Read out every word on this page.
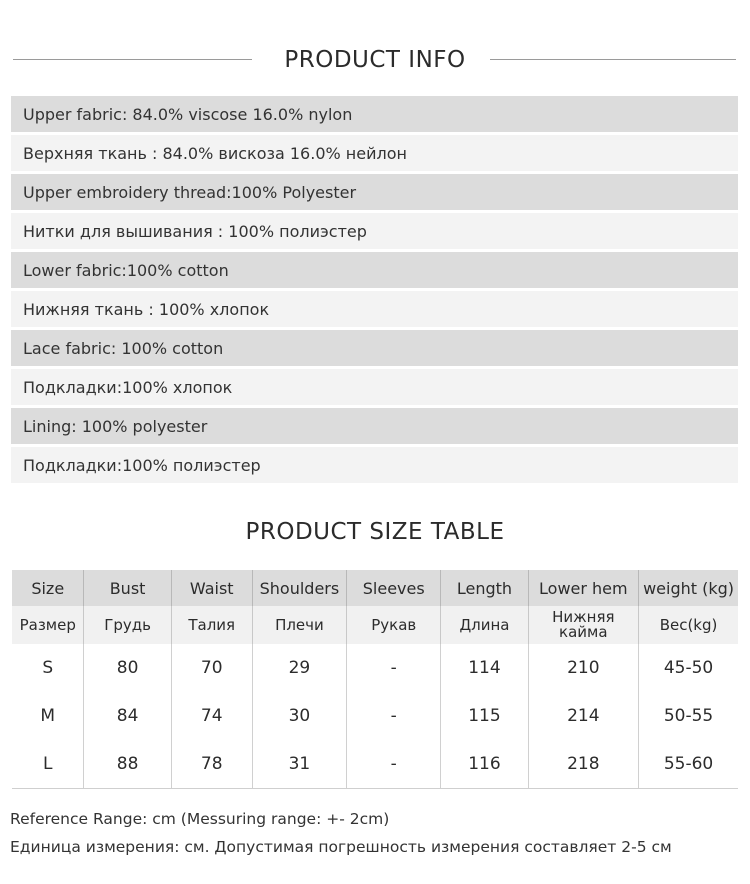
PRODUCT INFO
Upper fabric: 84.0% viscose 16.0% nylon
Верхняя ткань : 84.0% вискоза 16.0% нейлон
Upper embroidery thread:100% Polyester
Нитки для вышивания : 100% полиэстер
Lower fabric:100% cotton
Нижняя ткань : 100% хлопок
Lace fabric: 100% cotton
Подкладки:100% хлопок
Lining: 100% polyester
Подкладки:100% полиэстер
PRODUCT SIZE TABLE
Size	Bust	Waist	Shoulders	Sleeves	Length	Lower hem	weight (kg)
Размер	Грудь	Талия	Плечи	Рукав	Длина	Нижняя кайма	Вес(kg)
S	80	70	29	-	114	210	45-50
M	84	74	30	-	115	214	50-55
L	88	78	31	-	116	218	55-60
Reference Range: cm (Messuring range: +- 2cm)
Единица измерения: см. Допустимая погрешность измерения составляет 2-5 см
